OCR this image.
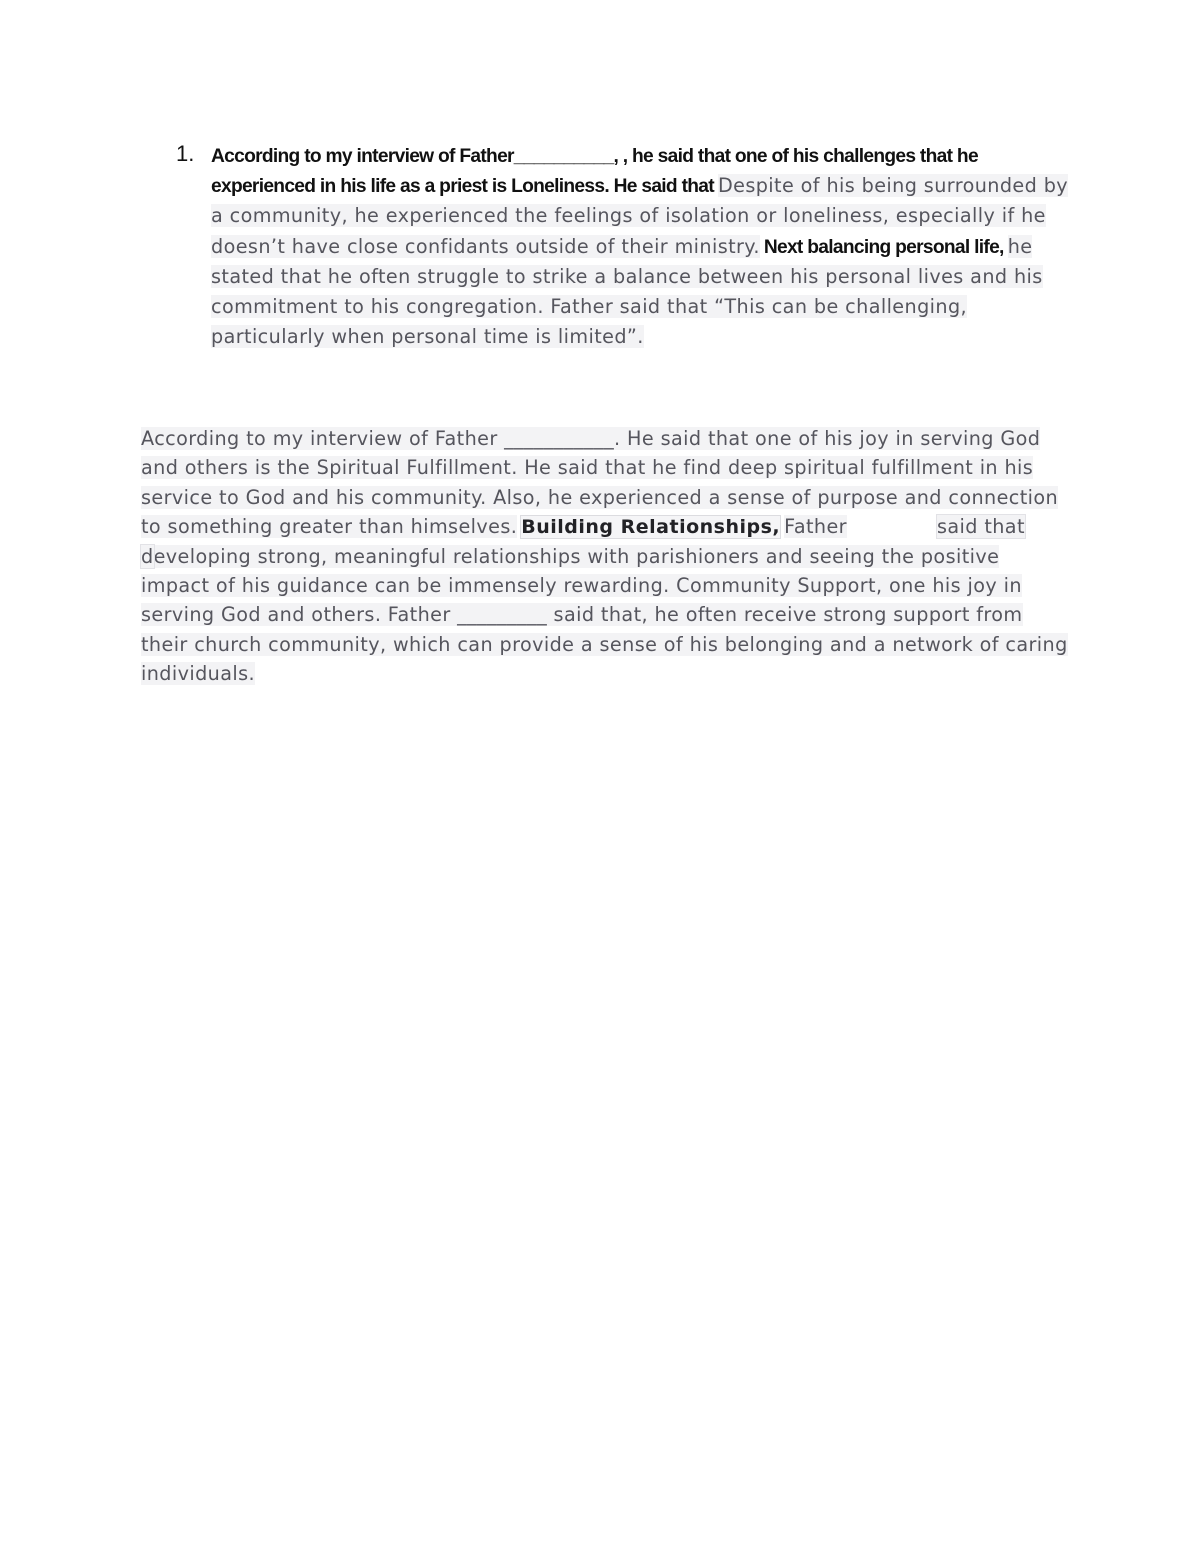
1. According to my interview of Father__________, , he said that one of his challenges that he experienced in his life as a priest is Loneliness. He said that Despite of his being surrounded by a community, he experienced the feelings of isolation or loneliness, especially if he doesn’t have close confidants outside of their ministry. Next balancing personal life, he stated that he often struggle to strike a balance between his personal lives and his commitment to his congregation. Father said that “This can be challenging, particularly when personal time is limited”.
According to my interview of Father ___________. He said that one of his joy in serving God and others is the Spiritual Fulfillment. He said that he find deep spiritual fulfillment in his service to God and his community. Also, he experienced a sense of purpose and connection to something greater than himselves. Building Relationships, Father	said that developing strong, meaningful relationships with parishioners and seeing the positive impact of his guidance can be immensely rewarding. Community Support, one his joy in serving God and others. Father _________ said that, he often receive strong support from their church community, which can provide a sense of his belonging and a network of caring individuals.
